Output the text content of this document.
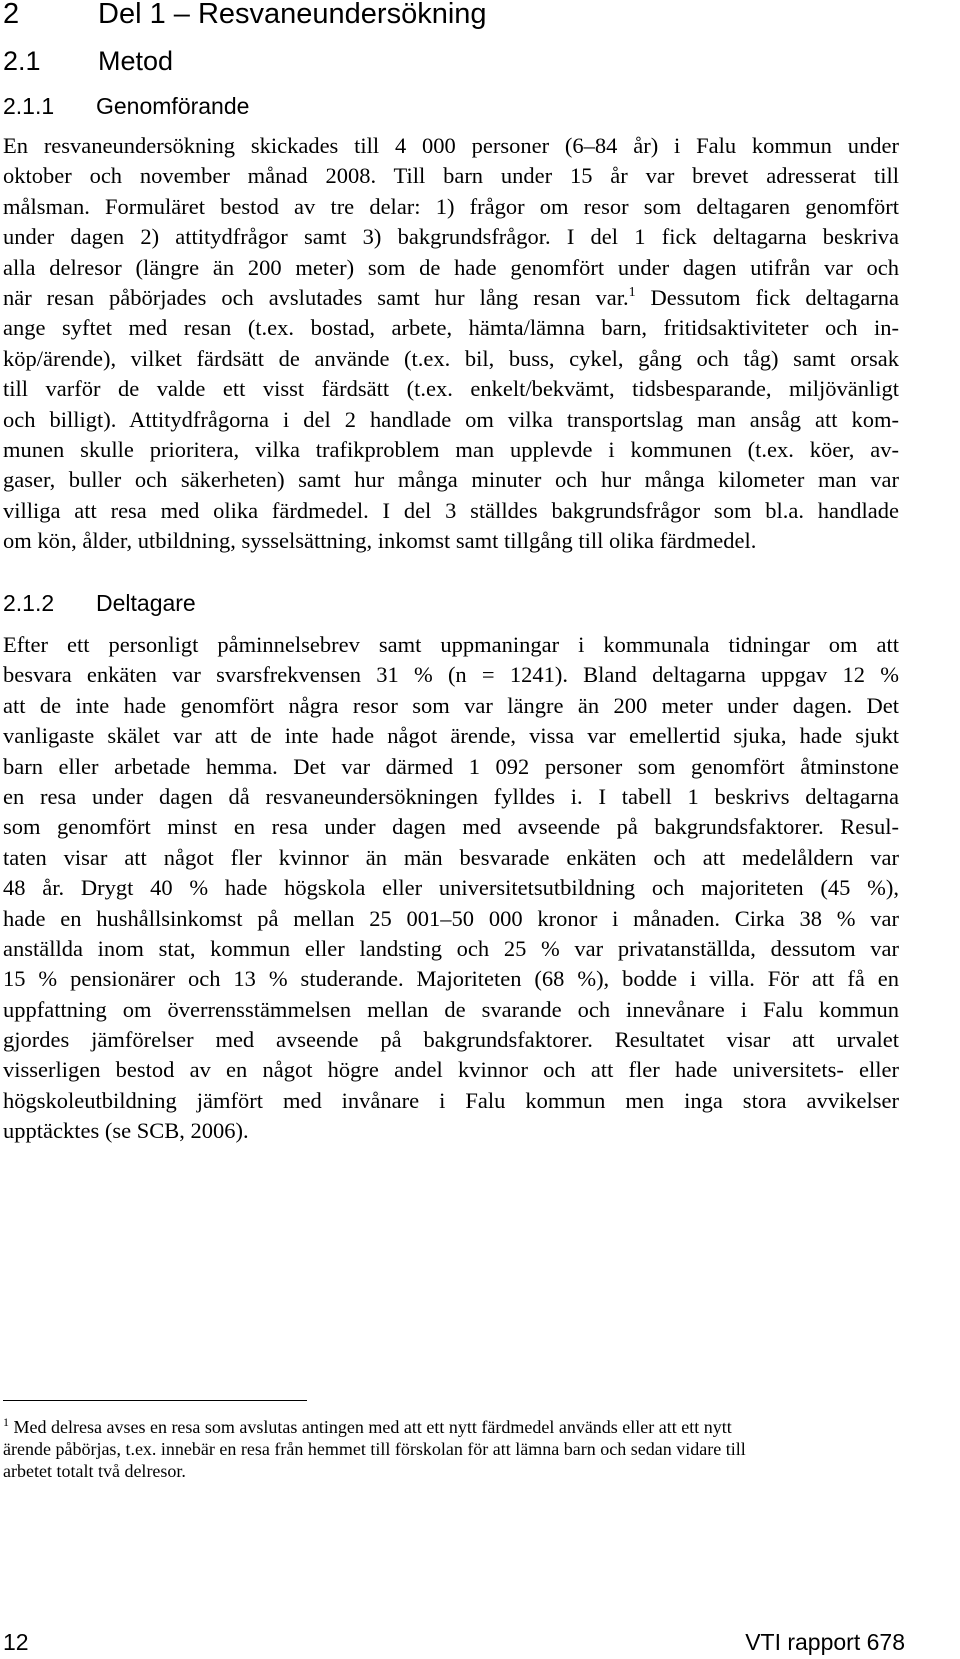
2	Del 1 – Resvaneundersökning
2.1 Metod
2.1.1 Genomförande
En resvaneundersökning skickades till 4 000 personer (6–84 år) i Falu kommun under
oktober och november månad 2008. Till barn under 15 år var brevet adresserat till
målsman. Formuläret bestod av tre delar: 1) frågor om resor som deltagaren genomfört
under dagen 2) attitydfrågor samt 3) bakgrundsfrågor. I del 1 fick deltagarna beskriva
alla delresor (längre än 200 meter) som de hade genomfört under dagen utifrån var och
när resan påbörjades och avslutades samt hur lång resan var.$^1$ Dessutom fick deltagarna
ange syftet med resan (t.ex. bostad, arbete, hämta/lämna barn, fritidsaktiviteter och in-
köp/ärende), vilket färdsätt de använde (t.ex. bil, buss, cykel, gång och tåg) samt orsak
till varför de valde ett visst färdsätt (t.ex. enkelt/bekvämt, tidsbesparande, miljövänligt
och billigt). Attitydfrågorna i del 2 handlade om vilka transportslag man ansåg att kom-
munen skulle prioritera, vilka trafikproblem man upplevde i kommunen (t.ex. köer, av-
gaser, buller och säkerheten) samt hur många minuter och hur många kilometer man var
villiga att resa med olika färdmedel. I del 3 ställdes bakgrundsfrågor som bl.a. handlade
om kön, ålder, utbildning, sysselsättning, inkomst samt tillgång till olika färdmedel.
2.1.2 Deltagare
Efter ett personligt påminnelsebrev samt uppmaningar i kommunala tidningar om att
besvara enkäten var svarsfrekvensen 31 % (n = 1241). Bland deltagarna uppgav 12 %
att de inte hade genomfört några resor som var längre än 200 meter under dagen. Det
vanligaste skälet var att de inte hade något ärende, vissa var emellertid sjuka, hade sjukt
barn eller arbetade hemma. Det var därmed 1 092 personer som genomfört åtminstone
en resa under dagen då resvaneundersökningen fylldes i. I tabell 1 beskrivs deltagarna
som genomfört minst en resa under dagen med avseende på bakgrundsfaktorer. Resul-
taten visar att något fler kvinnor än män besvarade enkäten och att medelåldern var
48 år. Drygt 40 % hade högskola eller universitetsutbildning och majoriteten (45 %),
hade en hushållsinkomst på mellan 25 001–50 000 kronor i månaden. Cirka 38 % var
anställda inom stat, kommun eller landsting och 25 % var privatanställda, dessutom var
15 % pensionärer och 13 % studerande. Majoriteten (68 %), bodde i villa. För att få en
uppfattning om överrensstämmelsen mellan de svarande och innevånare i Falu kommun
gjordes jämförelser med avseende på bakgrundsfaktorer. Resultatet visar att urvalet
visserligen bestod av en något högre andel kvinnor och att fler hade universitets- eller
högskoleutbildning jämfört med invånare i Falu kommun men inga stora avvikelser
upptäcktes (se SCB, 2006).
$^1$ Med delresa avses en resa som avslutas antingen med att ett nytt färdmedel används eller att ett nytt
ärende påbörjas, t.ex. innebär en resa från hemmet till förskolan för att lämna barn och sedan vidare till
arbetet totalt två delresor.
12	VTI rapport 678
